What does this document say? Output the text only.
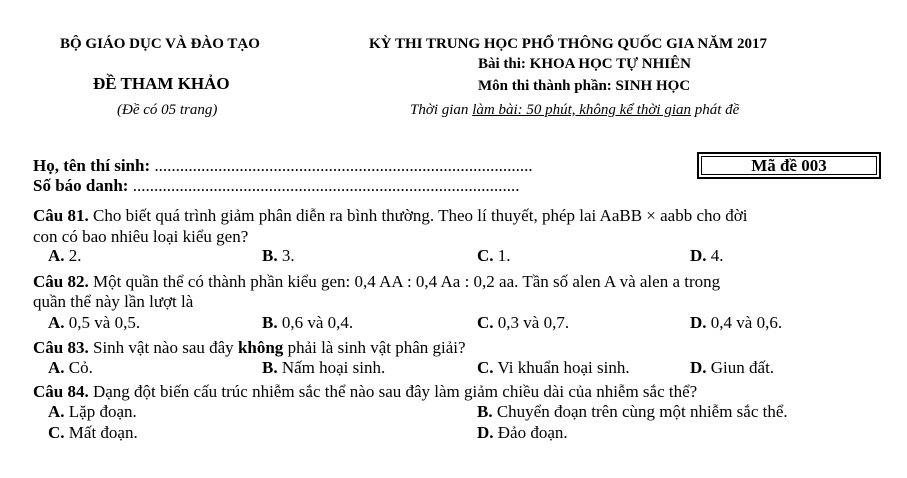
BỘ GIÁO DỤC VÀ ĐÀO TẠO	KỲ THI TRUNG HỌC PHỔ THÔNG QUỐC GIA NĂM 2017
Bài thi: KHOA HỌC TỰ NHIÊN
ĐỀ THAM KHẢO	Môn thi thành phần: SINH HỌC
(Đề có 05 trang)	Thời gian làm bài: 50 phút, không kể thời gian phát đề
Họ, tên thí sinh: .........................................................................................
Số báo danh: ...........................................................................................
Mã đề 003
Câu 81. Cho biết quá trình giảm phân diễn ra bình thường. Theo lí thuyết, phép lai AaBB × aabb cho đời
con có bao nhiêu loại kiểu gen?
A. 2.	B. 3.	C. 1.	D. 4.
Câu 82. Một quần thể có thành phần kiểu gen: 0,4 AA : 0,4 Aa : 0,2 aa. Tần số alen A và alen a trong
quần thể này lần lượt là
A. 0,5 và 0,5.	B. 0,6 và 0,4.	C. 0,3 và 0,7.	D. 0,4 và 0,6.
Câu 83. Sinh vật nào sau đây không phải là sinh vật phân giải?
A. Cỏ.	B. Nấm hoại sinh.	C. Vi khuẩn hoại sinh.	D. Giun đất.
Câu 84. Dạng đột biến cấu trúc nhiễm sắc thể nào sau đây làm giảm chiều dài của nhiễm sắc thể?
A. Lặp đoạn.	B. Chuyển đoạn trên cùng một nhiễm sắc thể.
C. Mất đoạn.	D. Đảo đoạn.
